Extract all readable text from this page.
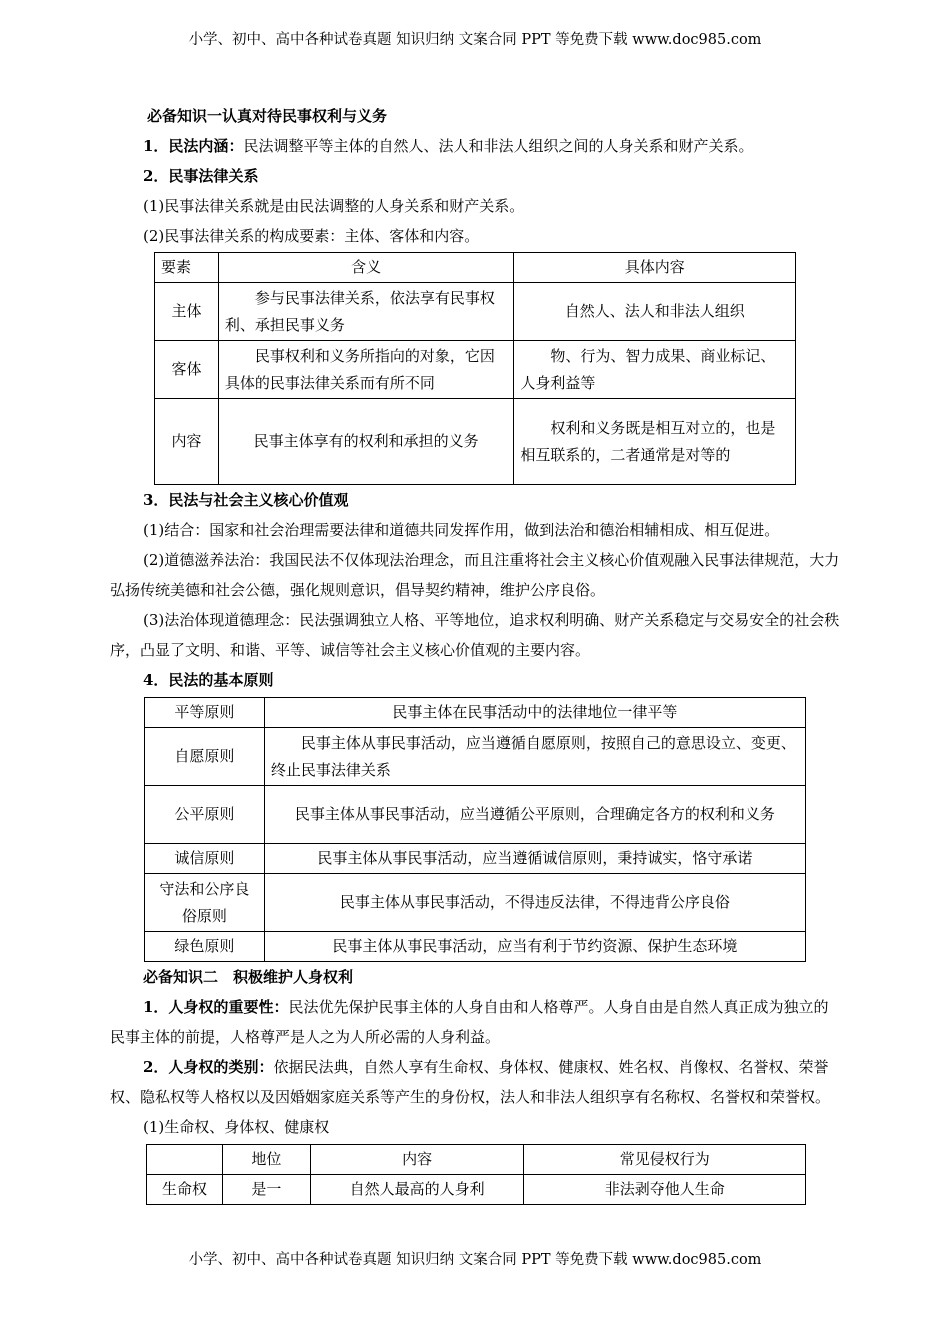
小学、初中、高中各种试卷真题 知识归纳 文案合同 PPT 等免费下载 www.doc985.com

必备知识一认真对待民事权利与义务

1．民法内涵：民法调整平等主体的自然人、法人和非法人组织之间的人身关系和财产关系。

2．民事法律关系

(1)民事法律关系就是由民法调整的人身关系和财产关系。

(2)民事法律关系的构成要素：主体、客体和内容。

要素	含义	具体内容
主体	参与民事法律关系，依法享有民事权利、承担民事义务	自然人、法人和非法人组织
客体	民事权利和义务所指向的对象，它因具体的民事法律关系而有所不同	物、行为、智力成果、商业标记、人身利益等
内容	民事主体享有的权利和承担的义务	权利和义务既是相互对立的，也是相互联系的，二者通常是对等的

3．民法与社会主义核心价值观

(1)结合：国家和社会治理需要法律和道德共同发挥作用，做到法治和德治相辅相成、相互促进。

(2)道德滋养法治：我国民法不仅体现法治理念，而且注重将社会主义核心价值观融入民事法律规范，大力弘扬传统美德和社会公德，强化规则意识，倡导契约精神，维护公序良俗。

(3)法治体现道德理念：民法强调独立人格、平等地位，追求权利明确、财产关系稳定与交易安全的社会秩序，凸显了文明、和谐、平等、诚信等社会主义核心价值观的主要内容。

4．民法的基本原则

平等原则	民事主体在民事活动中的法律地位一律平等
自愿原则	民事主体从事民事活动，应当遵循自愿原则，按照自己的意思设立、变更、终止民事法律关系
公平原则	民事主体从事民事活动，应当遵循公平原则，合理确定各方的权利和义务
诚信原则	民事主体从事民事活动，应当遵循诚信原则，秉持诚实，恪守承诺
守法和公序良俗原则	民事主体从事民事活动，不得违反法律，不得违背公序良俗
绿色原则	民事主体从事民事活动，应当有利于节约资源、保护生态环境

必备知识二　积极维护人身权利

1．人身权的重要性：民法优先保护民事主体的人身自由和人格尊严。人身自由是自然人真正成为独立的民事主体的前提，人格尊严是人之为人所必需的人身利益。

2．人身权的类别：依据民法典，自然人享有生命权、身体权、健康权、姓名权、肖像权、名誉权、荣誉权、隐私权等人格权以及因婚姻家庭关系等产生的身份权，法人和非法人组织享有名称权、名誉权和荣誉权。

(1)生命权、身体权、健康权

	地位	内容	常见侵权行为
生命权	是一	自然人最高的人身利	非法剥夺他人生命
小学、初中、高中各种试卷真题 知识归纳 文案合同 PPT 等免费下载 www.doc985.com
